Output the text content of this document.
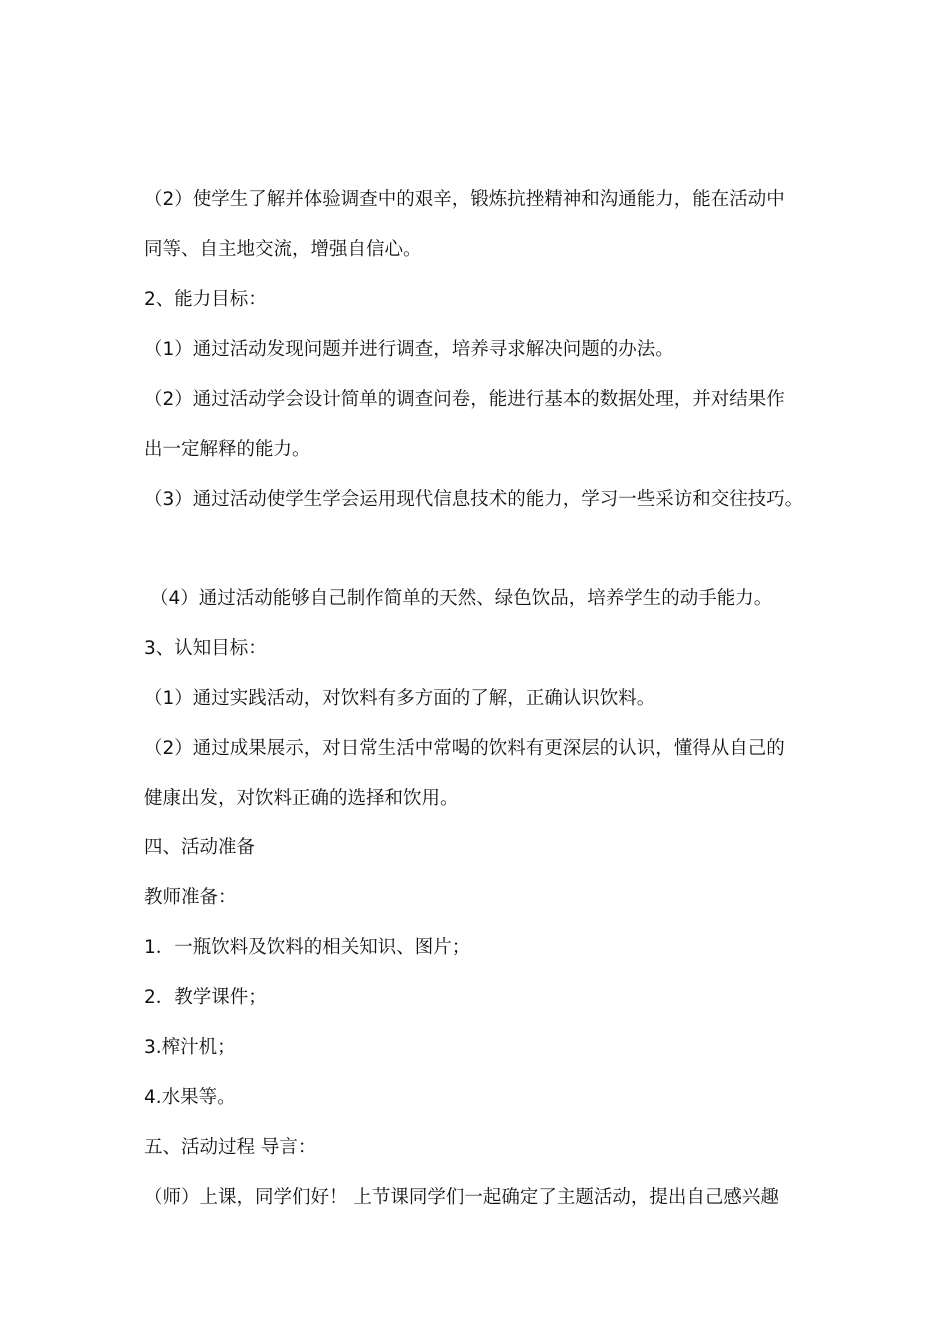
（2）使学生了解并体验调查中的艰辛，锻炼抗挫精神和沟通能力，能在活动中
同等、自主地交流，增强自信心。
2、能力目标：
（1）通过活动发现问题并进行调查，培养寻求解决问题的办法。
（2）通过活动学会设计简单的调查问卷，能进行基本的数据处理，并对结果作
出一定解释的能力。
（3）通过活动使学生学会运用现代信息技术的能力，学习一些采访和交往技巧。
（4）通过活动能够自己制作简单的天然、绿色饮品，培养学生的动手能力。
3、认知目标：
（1）通过实践活动，对饮料有多方面的了解，正确认识饮料。
（2）通过成果展示，对日常生活中常喝的饮料有更深层的认识，懂得从自己的
健康出发，对饮料正确的选择和饮用。
四、活动准备
教师准备：
1．一瓶饮料及饮料的相关知识、图片；
2．教学课件；
3.榨汁机；
4.水果等。
五、活动过程 导言：
（师）上课，同学们好！ 上节课同学们一起确定了主题活动，提出自己感兴趣
